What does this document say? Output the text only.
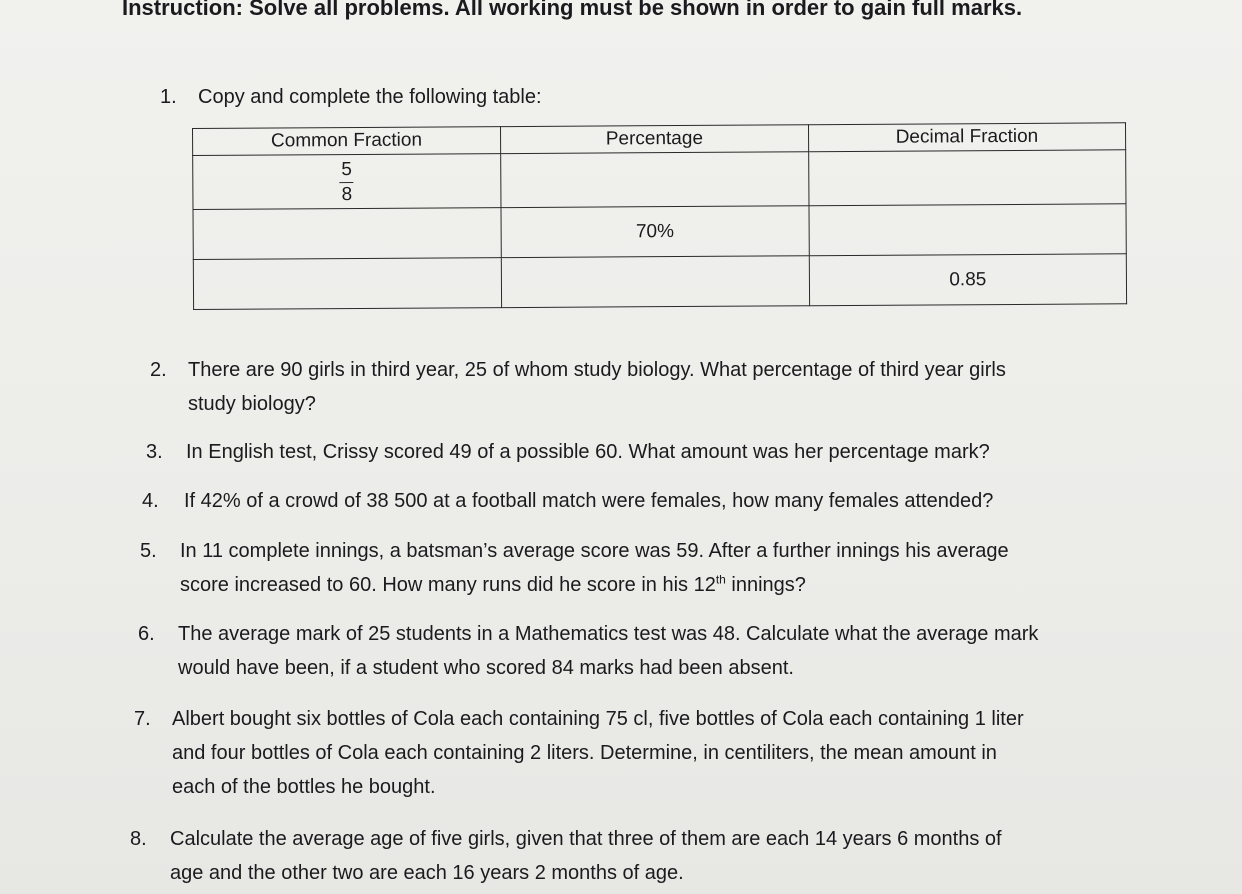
Instruction: Solve all problems. All working must be shown in order to gain full marks.

1. Copy and complete the following table:
Common Fraction	Percentage	Decimal Fraction

$\frac{5}{8}$

	70%	
		0.85
2. There are 90 girls in third year, 25 of whom study biology. What percentage of third year girls
study biology?
3. In English test, Crissy scored 49 of a possible 60. What amount was her percentage mark?
4. If 42% of a crowd of 38 500 at a football match were females, how many females attended?
5. In 11 complete innings, a batsman’s average score was 59. After a further innings his average
score increased to 60. How many runs did he score in his 12th innings?
6. The average mark of 25 students in a Mathematics test was 48. Calculate what the average mark
would have been, if a student who scored 84 marks had been absent.
7. Albert bought six bottles of Cola each containing 75 cl, five bottles of Cola each containing 1 liter
and four bottles of Cola each containing 2 liters. Determine, in centiliters, the mean amount in
each of the bottles he bought.
8. Calculate the average age of five girls, given that three of them are each 14 years 6 months of
age and the other two are each 16 years 2 months of age.
